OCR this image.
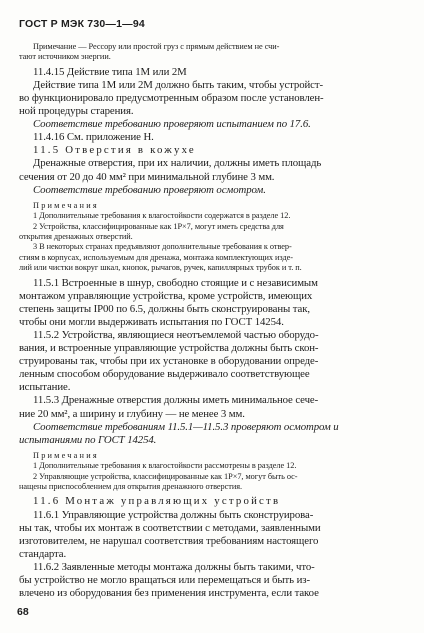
ГОСТ Р МЭК 730—1—94
Примечание — Рессору или простой груз с прямым действием не счи-
тают источником энергии.
11.4.15 Действие типа 1М или 2М
Действие типа 1М или 2М должно быть таким, чтобы устройст-
во функционировало предусмотренным образом после установлен-
ной процедуры старения.
Соответствие требованию проверяют испытанием по 17.6.
11.4.16 См. приложение Н.
11.5 Отверстия в кожухе
Дренажные отверстия, при их наличии, должны иметь площадь
сечения от 20 до 40 мм² при минимальной глубине 3 мм.
Соответствие требованию проверяют осмотром.
Примечания
1 Дополнительные требования к влагостойкости содержатся в разделе 12.
2 Устройства, классифицированные как 1Р×7, могут иметь средства для
открытия дренажных отверстий.
3 В некоторых странах предъявляют дополнительные требования к отвер-
стиям в корпусах, используемым для дренажа, монтажа комплектующих изде-
лий или чистки вокруг шкал, кнопок, рычагов, ручек, капиллярных трубок и т. п.
11.5.1 Встроенные в шнур, свободно стоящие и с независимым
монтажом управляющие устройства, кроме устройств, имеющих
степень защиты IР00 по 6.5, должны быть сконструированы так,
чтобы они могли выдерживать испытания по ГОСТ 14254.
11.5.2 Устройства, являющиеся неотъемлемой частью оборудо-
вания, и встроенные управляющие устройства должны быть скон-
струированы так, чтобы при их установке в оборудовании опреде-
ленным способом оборудование выдерживало соответствующее
испытание.
11.5.3 Дренажные отверстия должны иметь минимальное сече-
ние 20 мм², а ширину и глубину — не менее 3 мм.
Соответствие требованиям 11.5.1—11.5.3 проверяют осмотром и
испытаниями по ГОСТ 14254.
Примечания
1 Дополнительные требования к влагостойкости рассмотрены в разделе 12.
2 Управляющие устройства, классифицированные как 1Р×7, могут быть ос-
нащены приспособлением для открытия дренажного отверстия.
11.6 Монтаж управляющих устройств
11.6.1 Управляющие устройства должны быть сконструирова-
ны так, чтобы их монтаж в соответствии с методами, заявленными
изготовителем, не нарушал соответствия требованиям настоящего
стандарта.
11.6.2 Заявленные методы монтажа должны быть такими, что-
бы устройство не могло вращаться или перемещаться и быть из-
влечено из оборудования без применения инструмента, если такое
68
